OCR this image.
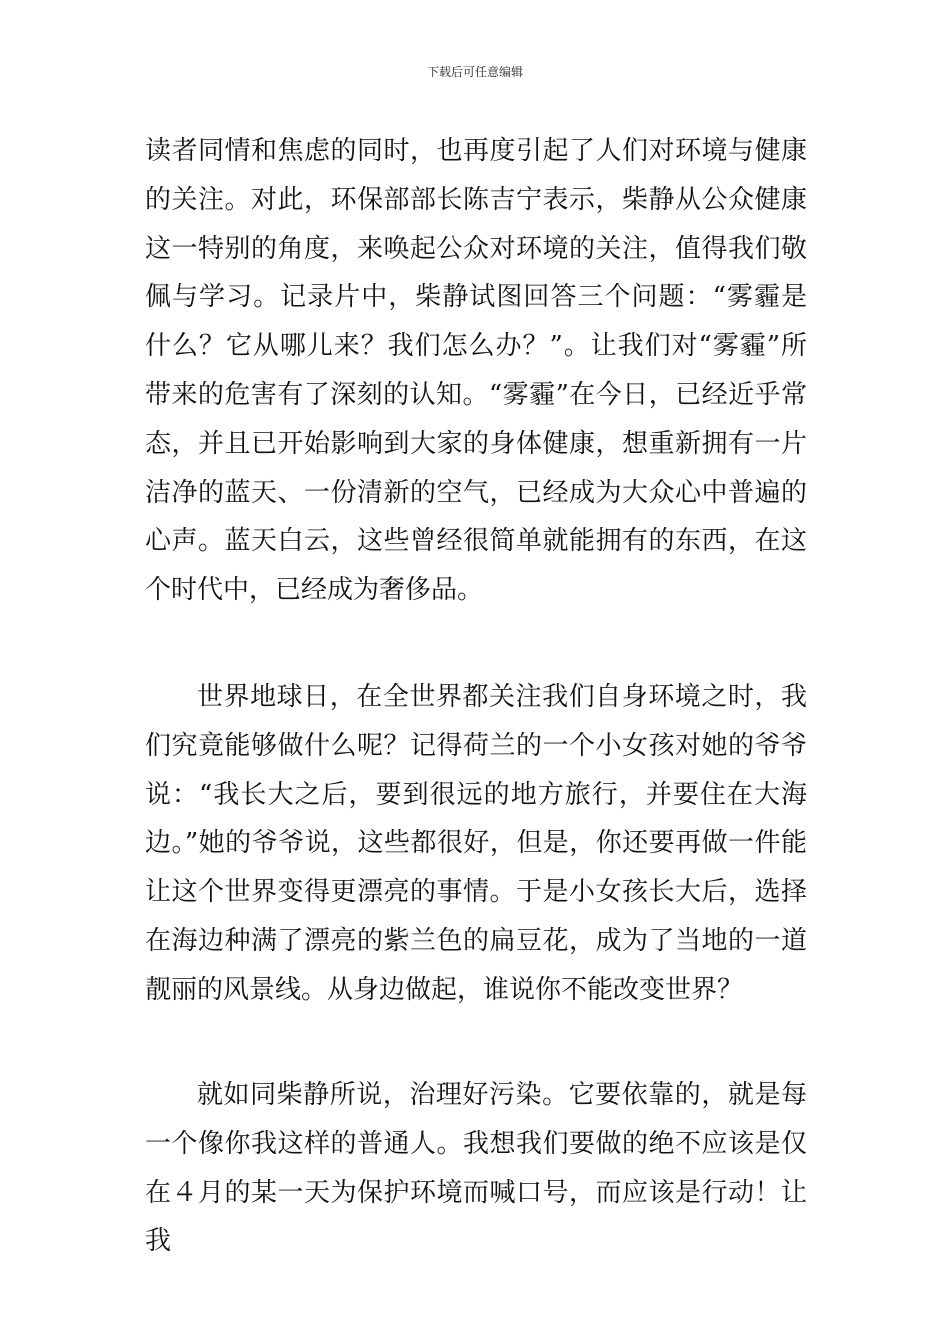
下载后可任意编辑

读者同情和焦虑的同时，也再度引起了人们对环境与健康的关注。对此，环保部部长陈吉宁表示，柴静从公众健康这一特别的角度，来唤起公众对环境的关注，值得我们敬佩与学习。记录片中，柴静试图回答三个问题：“雾霾是什么？它从哪儿来？我们怎么办？”。让我们对“雾霾”所带来的危害有了深刻的认知。“雾霾”在今日，已经近乎常态，并且已开始影响到大家的身体健康，想重新拥有一片洁净的蓝天、一份清新的空气，已经成为大众心中普遍的心声。蓝天白云，这些曾经很简单就能拥有的东西，在这个时代中，已经成为奢侈品。

世界地球日，在全世界都关注我们自身环境之时，我们究竟能够做什么呢？记得荷兰的一个小女孩对她的爷爷说：“我长大之后，要到很远的地方旅行，并要住在大海边。”她的爷爷说，这些都很好，但是，你还要再做一件能让这个世界变得更漂亮的事情。于是小女孩长大后，选择在海边种满了漂亮的紫兰色的扁豆花，成为了当地的一道靓丽的风景线。从身边做起，谁说你不能改变世界？

就如同柴静所说，治理好污染。它要依靠的，就是每一个像你我这样的普通人。我想我们要做的绝不应该是仅在４月的某一天为保护环境而喊口号，而应该是行动！让我
